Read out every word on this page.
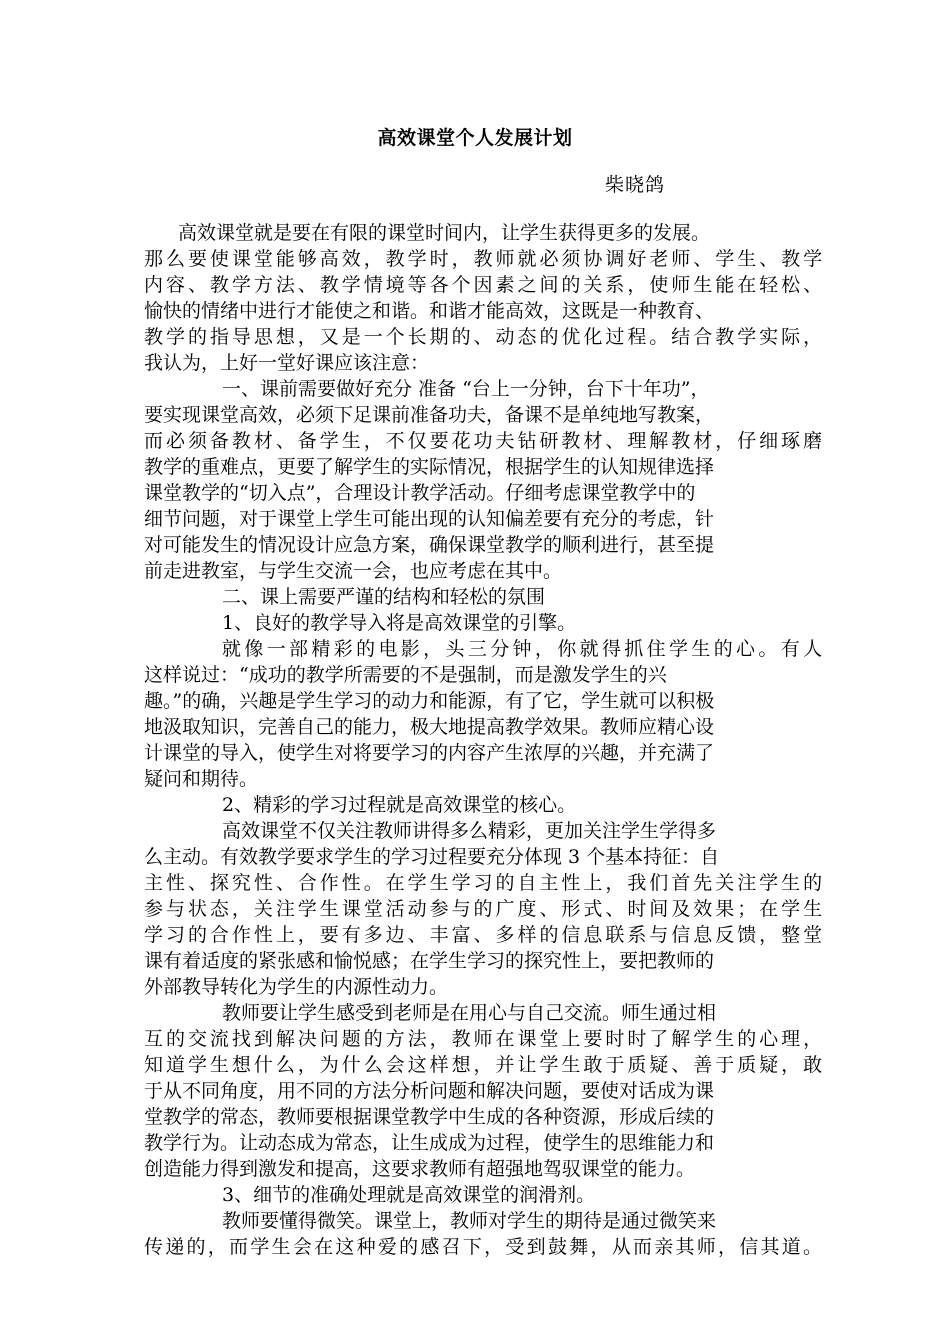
高效课堂个人发展计划
柴晓鸽
高效课堂就是要在有限的课堂时间内，让学生获得更多的发展。
那么要使课堂能够高效，教学时，教师就必须协调好老师、学生、教学
内容、教学方法、教学情境等各个因素之间的关系，使师生能在轻松、
愉快的情绪中进行才能使之和谐。和谐才能高效，这既是一种教育、
教学的指导思想，又是一个长期的、动态的优化过程。结合教学实际，
我认为，上好一堂好课应该注意：
一、课前需要做好充分 准备 “台上一分钟，台下十年功”，
要实现课堂高效，必须下足课前准备功夫，备课不是单纯地写教案，
而必须备教材、备学生，不仅要花功夫钻研教材、理解教材，仔细琢磨
教学的重难点，更要了解学生的实际情况，根据学生的认知规律选择
课堂教学的“切入点”，合理设计教学活动。仔细考虑课堂教学中的
细节问题，对于课堂上学生可能出现的认知偏差要有充分的考虑，针
对可能发生的情况设计应急方案，确保课堂教学的顺利进行，甚至提
前走进教室，与学生交流一会，也应考虑在其中。
二、课上需要严谨的结构和轻松的氛围
1、良好的教学导入将是高效课堂的引擎。
就像一部精彩的电影，头三分钟，你就得抓住学生的心。有人
这样说过：“成功的教学所需要的不是强制，而是激发学生的兴
趣。”的确，兴趣是学生学习的动力和能源，有了它，学生就可以积极
地汲取知识，完善自己的能力，极大地提高教学效果。教师应精心设
计课堂的导入，使学生对将要学习的内容产生浓厚的兴趣，并充满了
疑问和期待。
2、精彩的学习过程就是高效课堂的核心。
高效课堂不仅关注教师讲得多么精彩，更加关注学生学得多
么主动。有效教学要求学生的学习过程要充分体现 3 个基本持征：自
主性、探究性、合作性。在学生学习的自主性上，我们首先关注学生的
参与状态，关注学生课堂活动参与的广度、形式、时间及效果；在学生
学习的合作性上，要有多边、丰富、多样的信息联系与信息反馈，整堂
课有着适度的紧张感和愉悦感；在学生学习的探究性上，要把教师的
外部教导转化为学生的内源性动力。
教师要让学生感受到老师是在用心与自己交流。师生通过相
互的交流找到解决问题的方法，教师在课堂上要时时了解学生的心理，
知道学生想什么，为什么会这样想，并让学生敢于质疑、善于质疑，敢
于从不同角度，用不同的方法分析问题和解决问题，要使对话成为课
堂教学的常态，教师要根据课堂教学中生成的各种资源，形成后续的
教学行为。让动态成为常态，让生成成为过程，使学生的思维能力和
创造能力得到激发和提高，这要求教师有超强地驾驭课堂的能力。
3、细节的准确处理就是高效课堂的润滑剂。
教师要懂得微笑。课堂上，教师对学生的期待是通过微笑来
传递的，而学生会在这种爱的感召下，受到鼓舞，从而亲其师，信其道。
